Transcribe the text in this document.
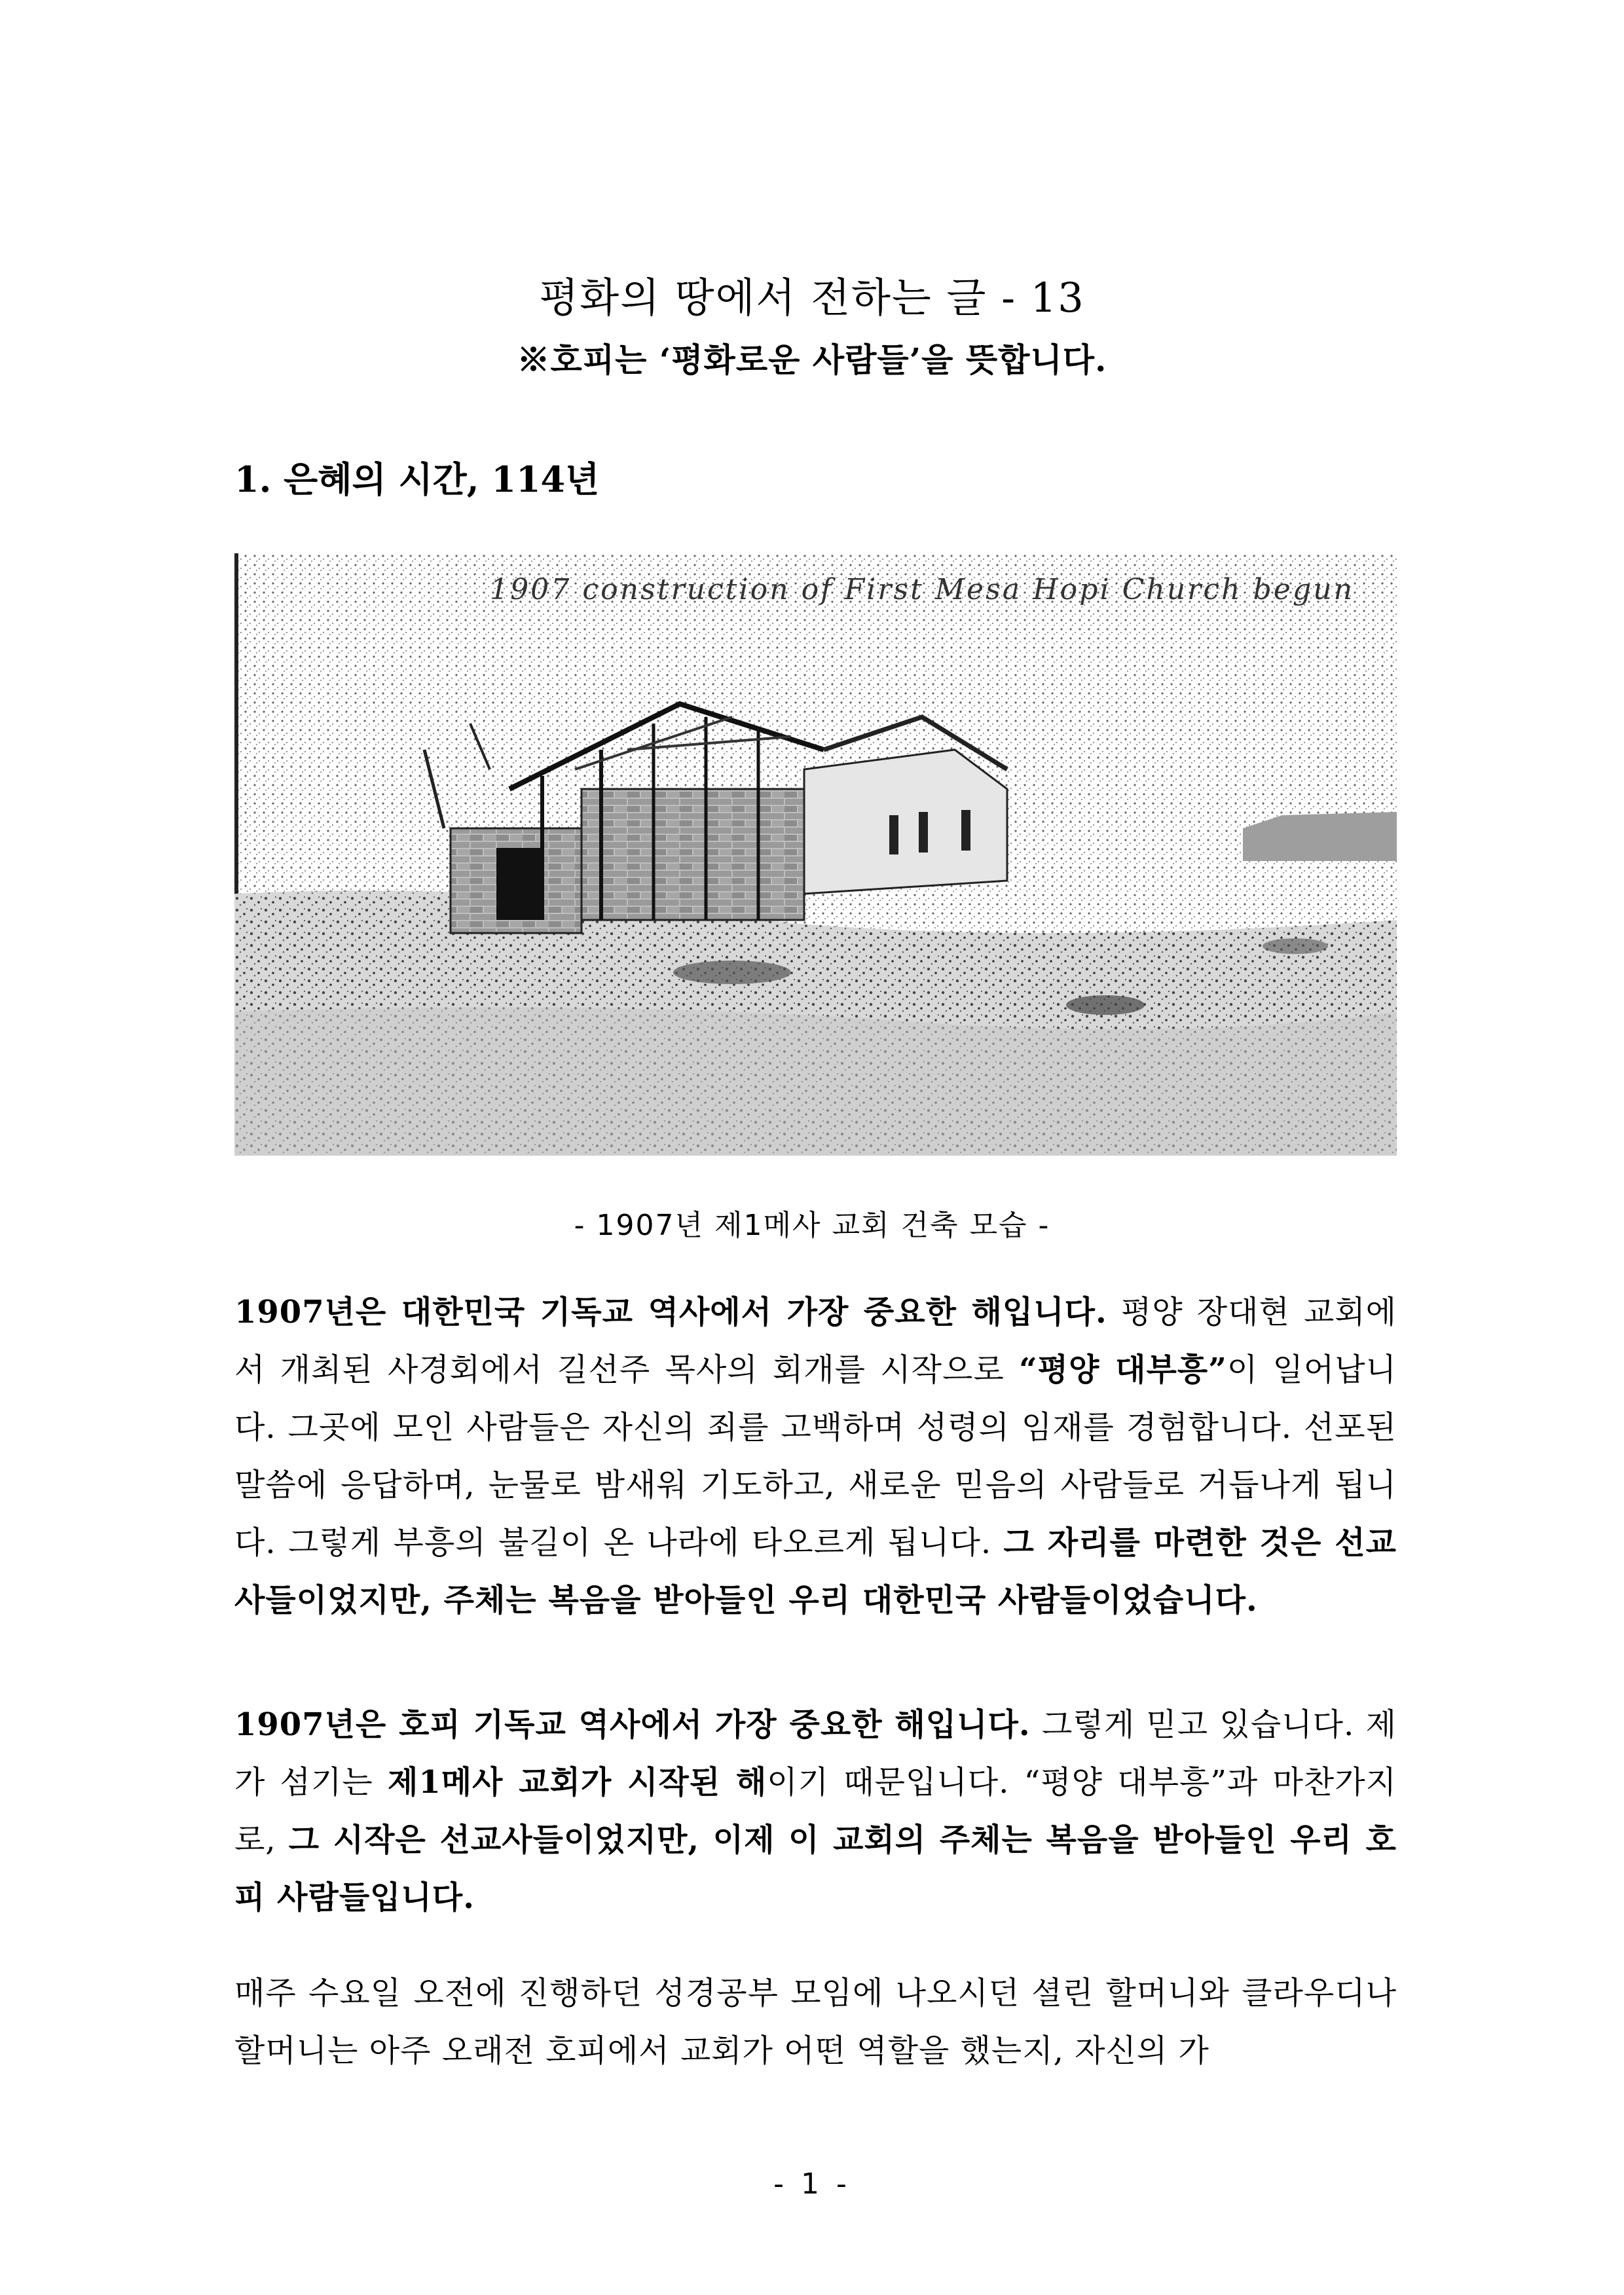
평화의 땅에서 전하는 글 - 13
※호피는 ‘평화로운 사람들’을 뜻합니다.
1. 은혜의 시간, 114년
1907 construction of First Mesa Hopi Church begun
- 1907년 제1메사 교회 건축 모습 -

1907년은 대한민국 기독교 역사에서 가장 중요한 해입니다. 평양 장대현 교회에서 개최된 사경회에서 길선주 목사의 회개를 시작으로 “평양 대부흥”이 일어납니다. 그곳에 모인 사람들은 자신의 죄를 고백하며 성령의 임재를 경험합니다. 선포된 말씀에 응답하며, 눈물로 밤새워 기도하고, 새로운 믿음의 사람들로 거듭나게 됩니다. 그렇게 부흥의 불길이 온 나라에 타오르게 됩니다. 그 자리를 마련한 것은 선교사들이었지만, 주체는 복음을 받아들인 우리 대한민국 사람들이었습니다.

1907년은 호피 기독교 역사에서 가장 중요한 해입니다. 그렇게 믿고 있습니다. 제가 섬기는 제1메사 교회가 시작된 해이기 때문입니다. “평양 대부흥”과 마찬가지로, 그 시작은 선교사들이었지만, 이제 이 교회의 주체는 복음을 받아들인 우리 호피 사람들입니다.

매주 수요일 오전에 진행하던 성경공부 모임에 나오시던 셜린 할머니와 클라우디나 할머니는 아주 오래전 호피에서 교회가 어떤 역할을 했는지, 자신의 가

- 1 -
